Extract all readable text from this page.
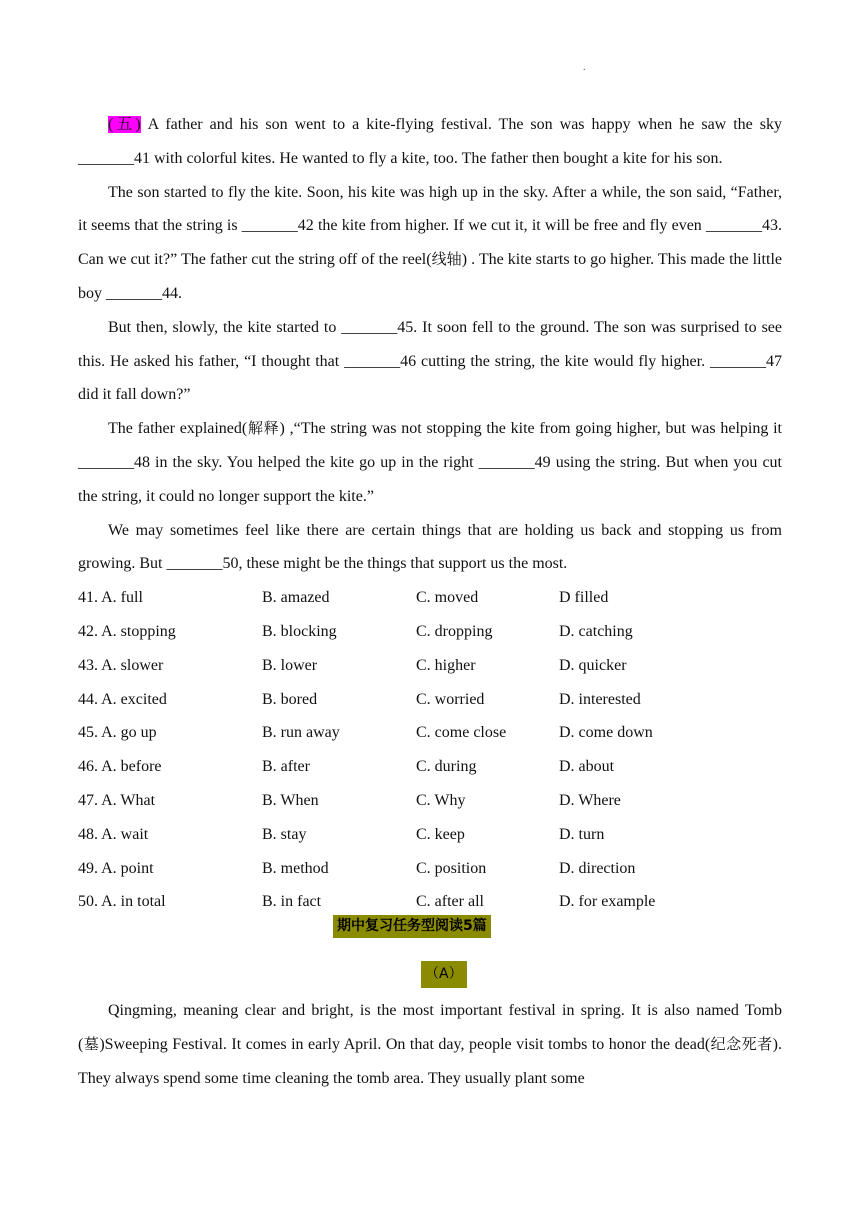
.

(五) A father and his son went to a kite-flying festival. The son was happy when he saw the sky _______41 with colorful kites. He wanted to fly a kite, too. The father then bought a kite for his son.

The son started to fly the kite. Soon, his kite was high up in the sky. After a while, the son said, “Father, it seems that the string is _______42 the kite from higher. If we cut it, it will be free and fly even _______43. Can we cut it?” The father cut the string off of the reel(线轴) . The kite starts to go higher. This made the little boy _______44.

But then, slowly, the kite started to _______45. It soon fell to the ground. The son was surprised to see this. He asked his father, “I thought that _______46 cutting the string, the kite would fly higher. _______47 did it fall down?”

The father explained(解释) ,“The string was not stopping the kite from going higher, but was helping it _______48 in the sky. You helped the kite go up in the right _______49 using the string. But when you cut the string, it could no longer support the kite.”

We may sometimes feel like there are certain things that are holding us back and stopping us from growing. But _______50, these might be the things that support us the most.

41. A. full	B. amazed	C. moved	D filled
42. A. stopping	B. blocking	C. dropping	D. catching
43. A. slower	B. lower	C. higher	D. quicker
44. A. excited	B. bored	C. worried	D. interested
45. A. go up	B. run away	C. come close	D. come down
46. A. before	B. after	C. during	D. about
47. A. What	B. When	C. Why	D. Where
48. A. wait	B. stay	C. keep	D. turn
49. A. point	B. method	C. position	D. direction
50. A. in total	B. in fact	C. after all	D. for example
期中复习任务型阅读5篇
（A）

Qingming, meaning clear and bright, is the most important festival in spring. It is also named Tomb (墓)Sweeping Festival. It comes in early April. On that day, people visit tombs to honor the dead(纪念死者). They always spend some time cleaning the tomb area. They usually plant some
